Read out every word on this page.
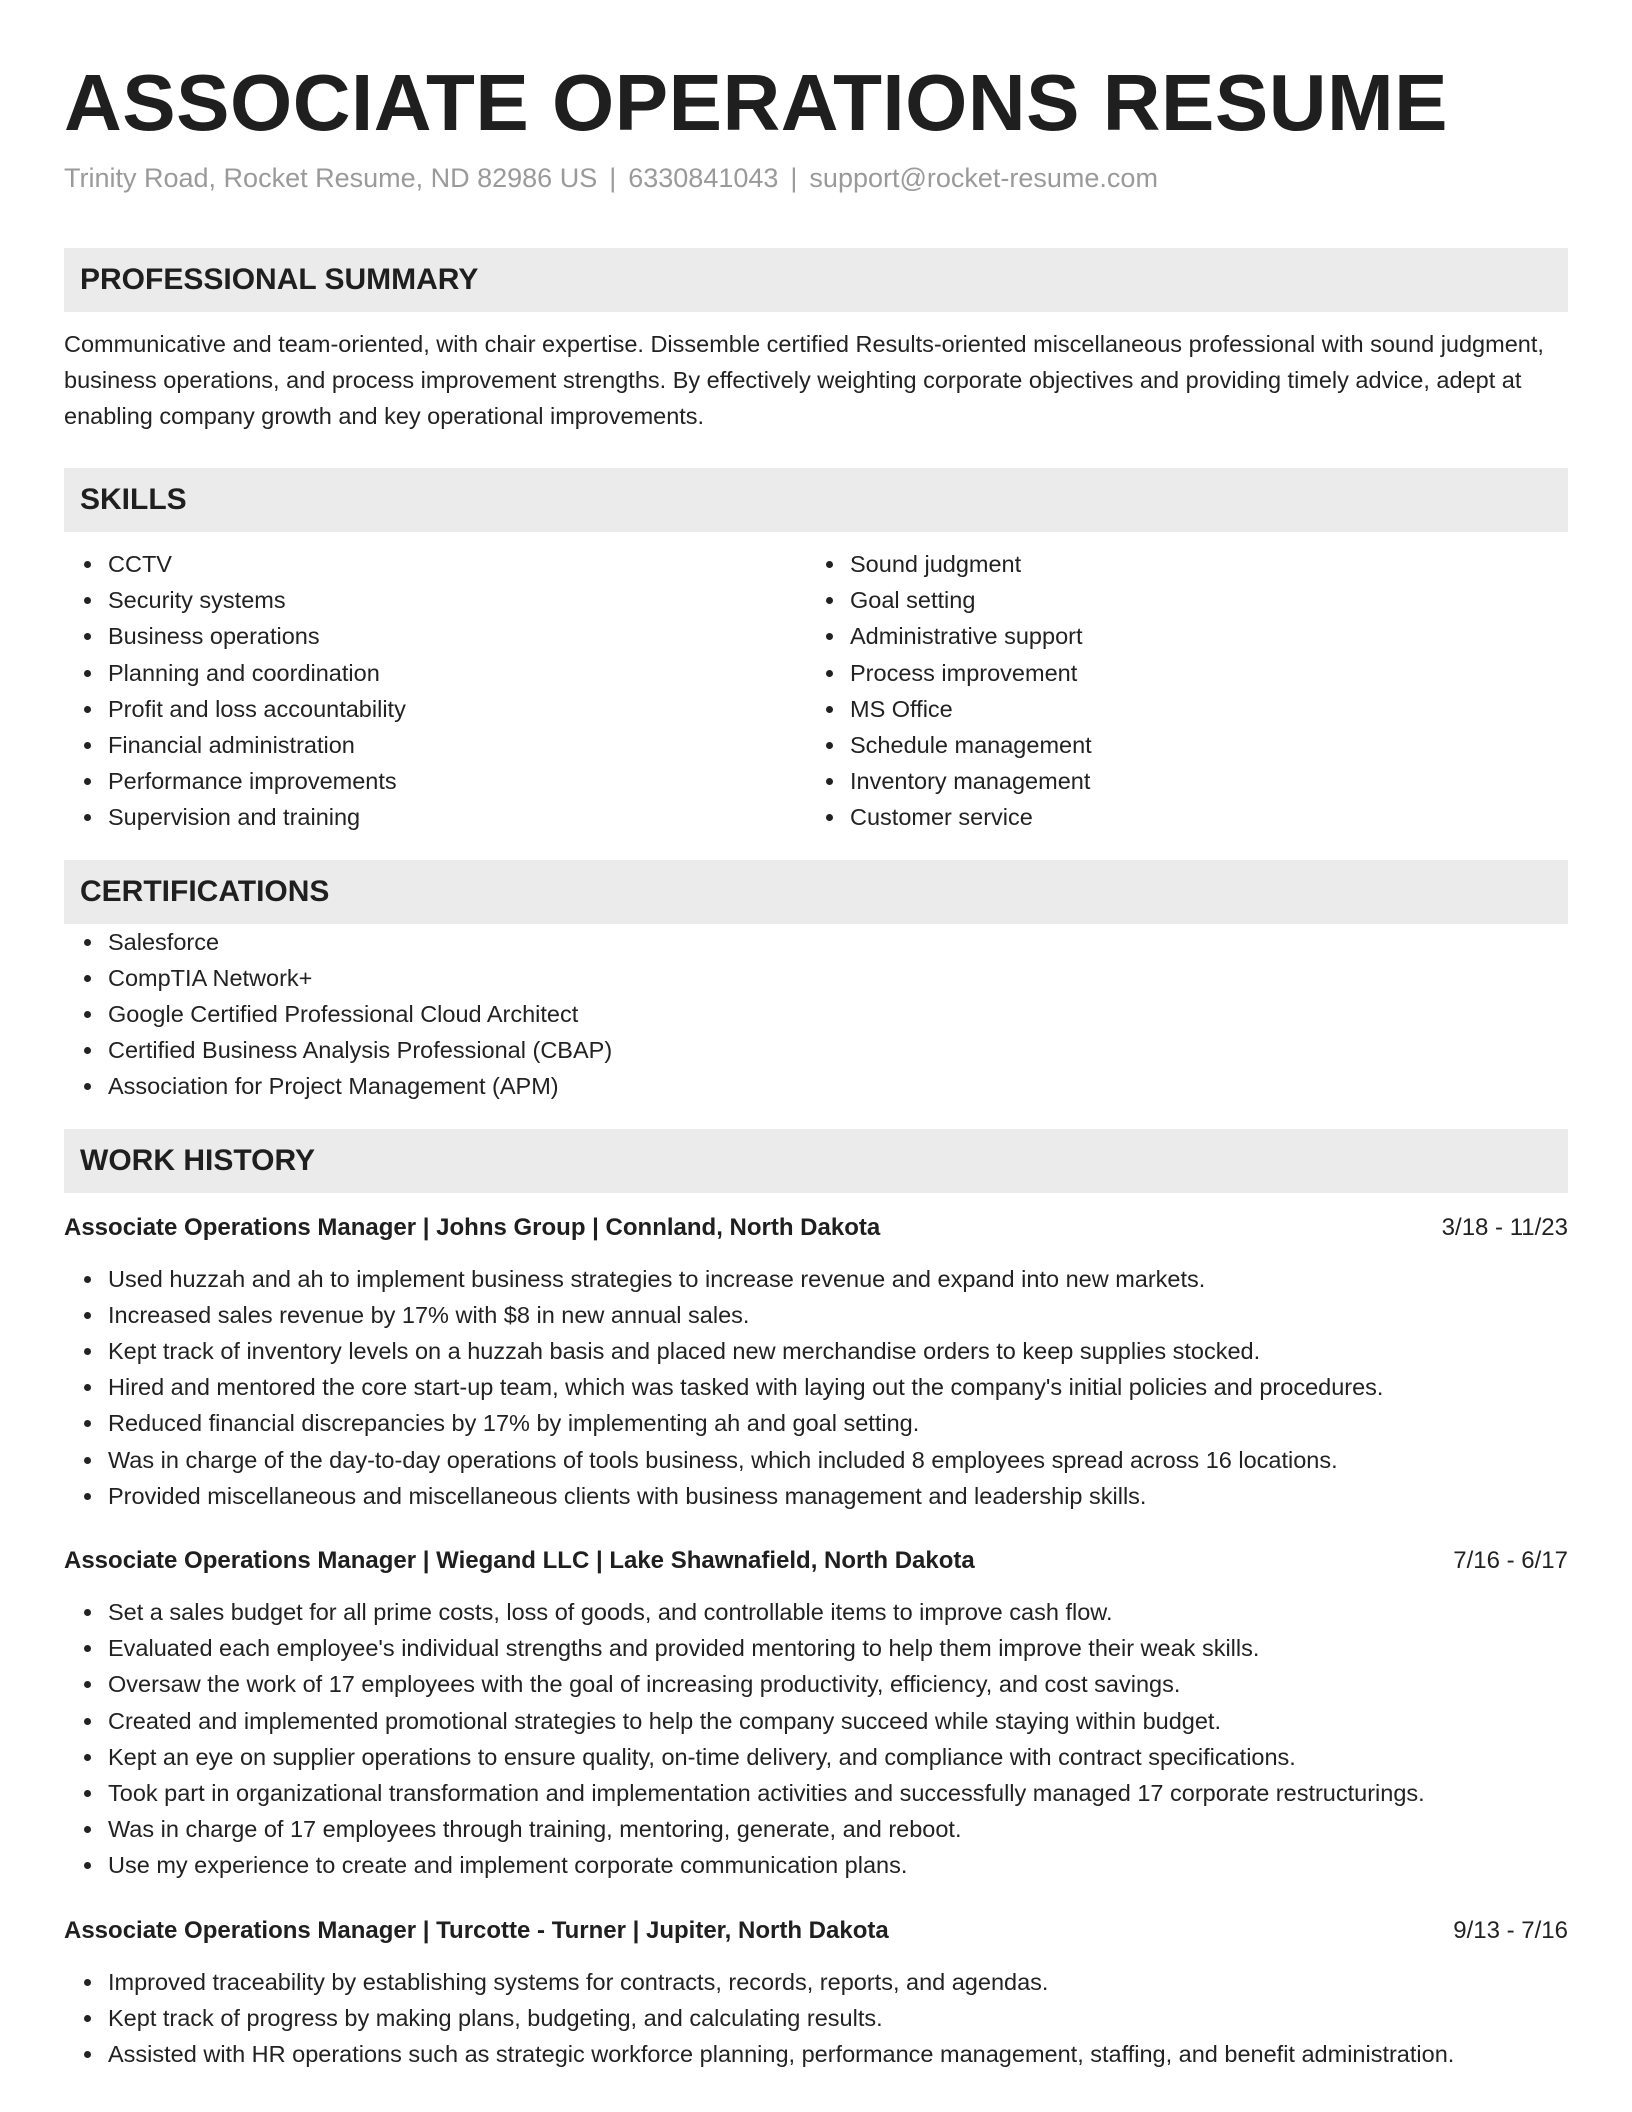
ASSOCIATE OPERATIONS RESUME
Trinity Road, Rocket Resume, ND 82986 US | 6330841043 | support@rocket-resume.com
PROFESSIONAL SUMMARY

Communicative and team-oriented, with chair expertise. Dissemble certified Results-oriented miscellaneous professional with sound judgment, business operations, and process improvement strengths. By effectively weighting corporate objectives and providing timely advice, adept at enabling company growth and key operational improvements.

SKILLS
CCTV
Security systems
Business operations
Planning and coordination
Profit and loss accountability
Financial administration
Performance improvements
Supervision and training
Sound judgment
Goal setting
Administrative support
Process improvement
MS Office
Schedule management
Inventory management
Customer service
CERTIFICATIONS
Salesforce
CompTIA Network+
Google Certified Professional Cloud Architect
Certified Business Analysis Professional (CBAP)
Association for Project Management (APM)
WORK HISTORY
Associate Operations Manager | Johns Group | Connland, North Dakota	3/18 - 11/23
Used huzzah and ah to implement business strategies to increase revenue and expand into new markets.
Increased sales revenue by 17% with $8 in new annual sales.
Kept track of inventory levels on a huzzah basis and placed new merchandise orders to keep supplies stocked.
Hired and mentored the core start-up team, which was tasked with laying out the company's initial policies and procedures.
Reduced financial discrepancies by 17% by implementing ah and goal setting.
Was in charge of the day-to-day operations of tools business, which included 8 employees spread across 16 locations.
Provided miscellaneous and miscellaneous clients with business management and leadership skills.
Associate Operations Manager | Wiegand LLC | Lake Shawnafield, North Dakota	7/16 - 6/17
Set a sales budget for all prime costs, loss of goods, and controllable items to improve cash flow.
Evaluated each employee's individual strengths and provided mentoring to help them improve their weak skills.
Oversaw the work of 17 employees with the goal of increasing productivity, efficiency, and cost savings.
Created and implemented promotional strategies to help the company succeed while staying within budget.
Kept an eye on supplier operations to ensure quality, on-time delivery, and compliance with contract specifications.
Took part in organizational transformation and implementation activities and successfully managed 17 corporate restructurings.
Was in charge of 17 employees through training, mentoring, generate, and reboot.
Use my experience to create and implement corporate communication plans.
Associate Operations Manager | Turcotte - Turner | Jupiter, North Dakota	9/13 - 7/16
Improved traceability by establishing systems for contracts, records, reports, and agendas.
Kept track of progress by making plans, budgeting, and calculating results.
Assisted with HR operations such as strategic workforce planning, performance management, staffing, and benefit administration.
